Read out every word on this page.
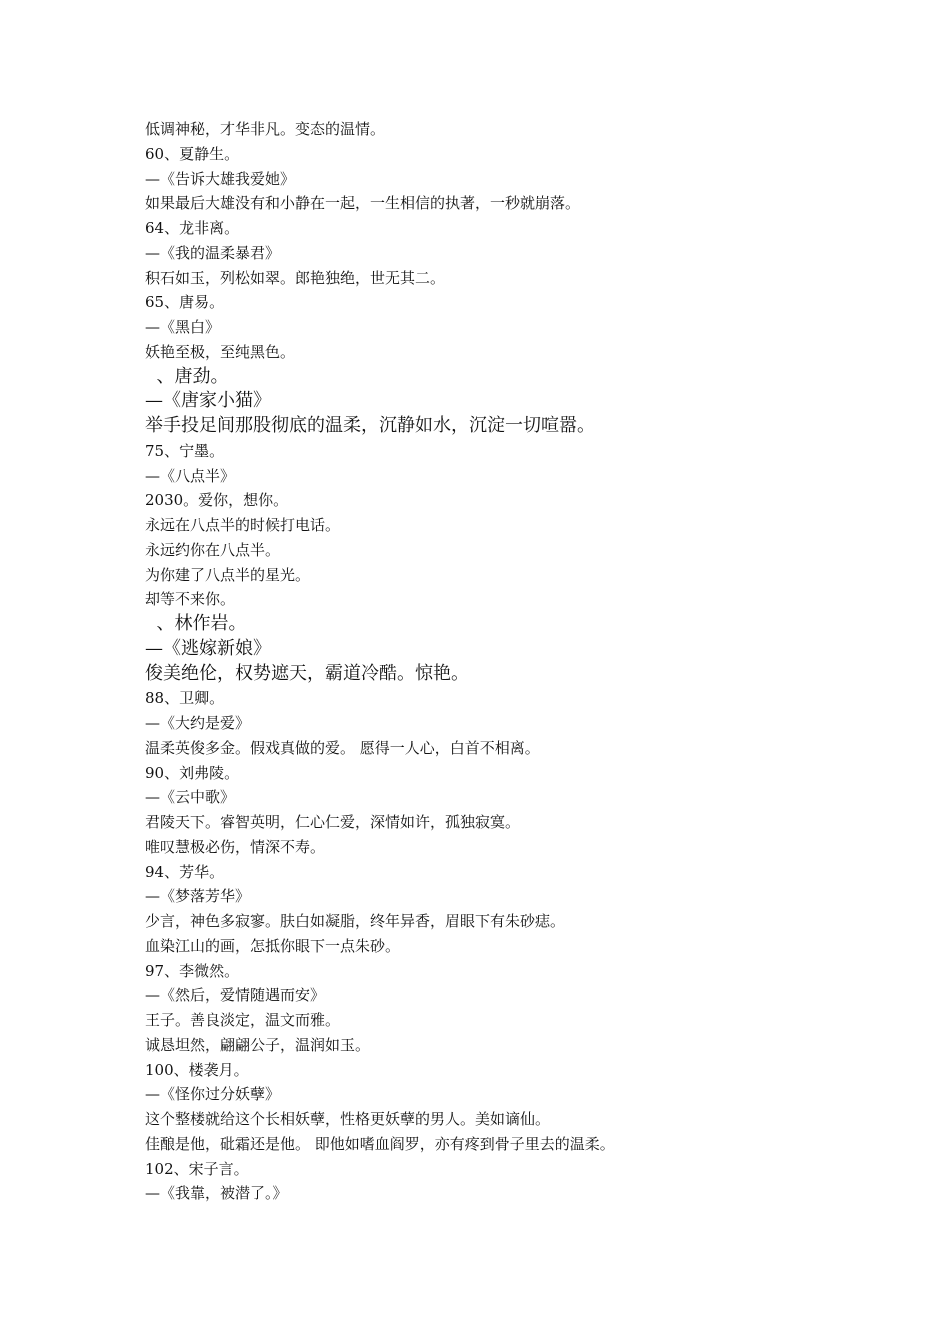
低调神秘，才华非凡。变态的温情。
60、夏静生。
—《告诉大雄我爱她》
如果最后大雄没有和小静在一起，一生相信的执著，一秒就崩落。
64、龙非离。
—《我的温柔暴君》
积石如玉，列松如翠。郎艳独绝，世无其二。
65、唐易。
—《黑白》
妖艳至极，至纯黑色。
、唐劲。
—《唐家小猫》
举手投足间那股彻底的温柔，沉静如水，沉淀一切喧嚣。
75、宁墨。
—《八点半》
2030。爱你，想你。
永远在八点半的时候打电话。
永远约你在八点半。
为你建了八点半的星光。
却等不来你。
、林作岩。
—《逃嫁新娘》
俊美绝伦，权势遮天，霸道冷酷。惊艳。
88、卫卿。
—《大约是爱》
温柔英俊多金。假戏真做的爱。 愿得一人心，白首不相离。
90、刘弗陵。
—《云中歌》
君陵天下。睿智英明，仁心仁爱，深情如许，孤独寂寞。
唯叹慧极必伤，情深不寿。
94、芳华。
—《梦落芳华》
少言，神色多寂寥。肤白如凝脂，终年异香，眉眼下有朱砂痣。
血染江山的画，怎抵你眼下一点朱砂。
97、李微然。
—《然后，爱情随遇而安》
王子。善良淡定，温文而雅。
诚恳坦然，翩翩公子，温润如玉。
100、楼袭月。
—《怪你过分妖孽》
这个整楼就给这个长相妖孽，性格更妖孽的男人。美如谪仙。
佳酿是他，砒霜还是他。 即他如嗜血阎罗，亦有疼到骨子里去的温柔。
102、宋子言。
—《我靠，被潜了。》
